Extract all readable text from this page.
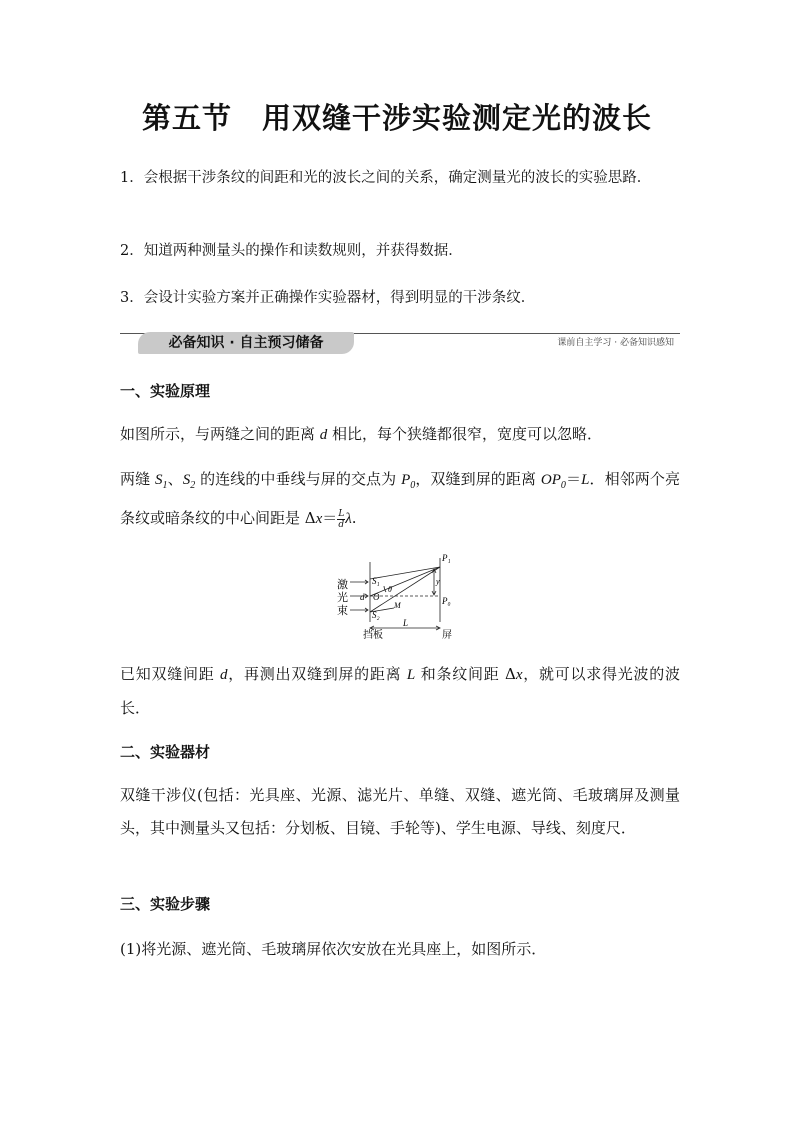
第五节　用双缝干涉实验测定光的波长
1．会根据干涉条纹的间距和光的波长之间的关系，确定测量光的波长的实验思路．
2．知道两种测量头的操作和读数规则，并获得数据．
3．会设计实验方案并正确操作实验器材，得到明显的干涉条纹．
必备知识 · 自主预习储备	课前自主学习 · 必备知识感知
一、实验原理
如图所示，与两缝之间的距离 d 相比，每个狭缝都很窄，宽度可以忽略．
两缝 $S_1$、$S_2$ 的连线的中垂线与屏的交点为 $P_0$，双缝到屏的距离 $OP_0=L$．相邻两个亮条纹或暗条纹的中心间距是 $\Delta x= \frac{L}{d} \lambda$.
激
光
束
S₁
S₂
d O
θ
M
P₁
P₀
y
L
挡板	屏
已知双缝间距 d，再测出双缝到屏的距离 L 和条纹间距 Δx，就可以求得光波的波长．
二、实验器材
双缝干涉仪(包括：光具座、光源、滤光片、单缝、双缝、遮光筒、毛玻璃屏及测量头，其中测量头又包括：分划板、目镜、手轮等)、学生电源、导线、刻度尺．
三、实验步骤
(1)将光源、遮光筒、毛玻璃屏依次安放在光具座上，如图所示．
